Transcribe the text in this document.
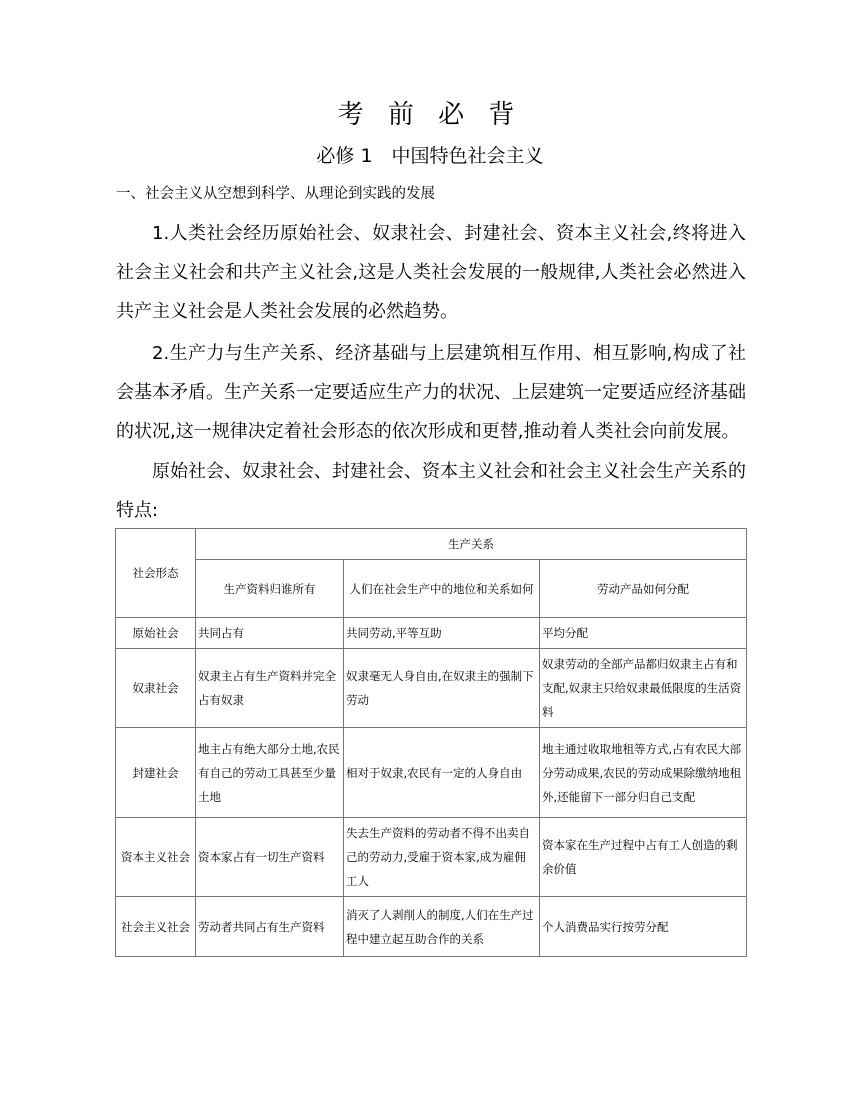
考 前 必 背
必修 1　中国特色社会主义
一、社会主义从空想到科学、从理论到实践的发展
1.人类社会经历原始社会、奴隶社会、封建社会、资本主义社会,终将进入社会主义社会和共产主义社会,这是人类社会发展的一般规律,人类社会必然进入共产主义社会是人类社会发展的必然趋势。
2.生产力与生产关系、经济基础与上层建筑相互作用、相互影响,构成了社会基本矛盾。生产关系一定要适应生产力的状况、上层建筑一定要适应经济基础的状况,这一规律决定着社会形态的依次形成和更替,推动着人类社会向前发展。
原始社会、奴隶社会、封建社会、资本主义社会和社会主义社会生产关系的特点:
社会形态	生产关系		
	生产资料归谁所有	人们在社会生产中的地位和关系如何	劳动产品如何分配
原始社会	共同占有	共同劳动,平等互助	平均分配
奴隶社会	奴隶主占有生产资料并完全占有奴隶	奴隶毫无人身自由,在奴隶主的强制下劳动	奴隶劳动的全部产品都归奴隶主占有和支配,奴隶主只给奴隶最低限度的生活资料
封建社会	地主占有绝大部分土地,农民有自己的劳动工具甚至少量土地	相对于奴隶,农民有一定的人身自由	地主通过收取地租等方式,占有农民大部分劳动成果,农民的劳动成果除缴纳地租外,还能留下一部分归自己支配
资本主义社会	资本家占有一切生产资料	失去生产资料的劳动者不得不出卖自己的劳动力,受雇于资本家,成为雇佣工人	资本家在生产过程中占有工人创造的剩余价值
社会主义社会	劳动者共同占有生产资料	消灭了人剥削人的制度,人们在生产过程中建立起互助合作的关系	个人消费品实行按劳分配
